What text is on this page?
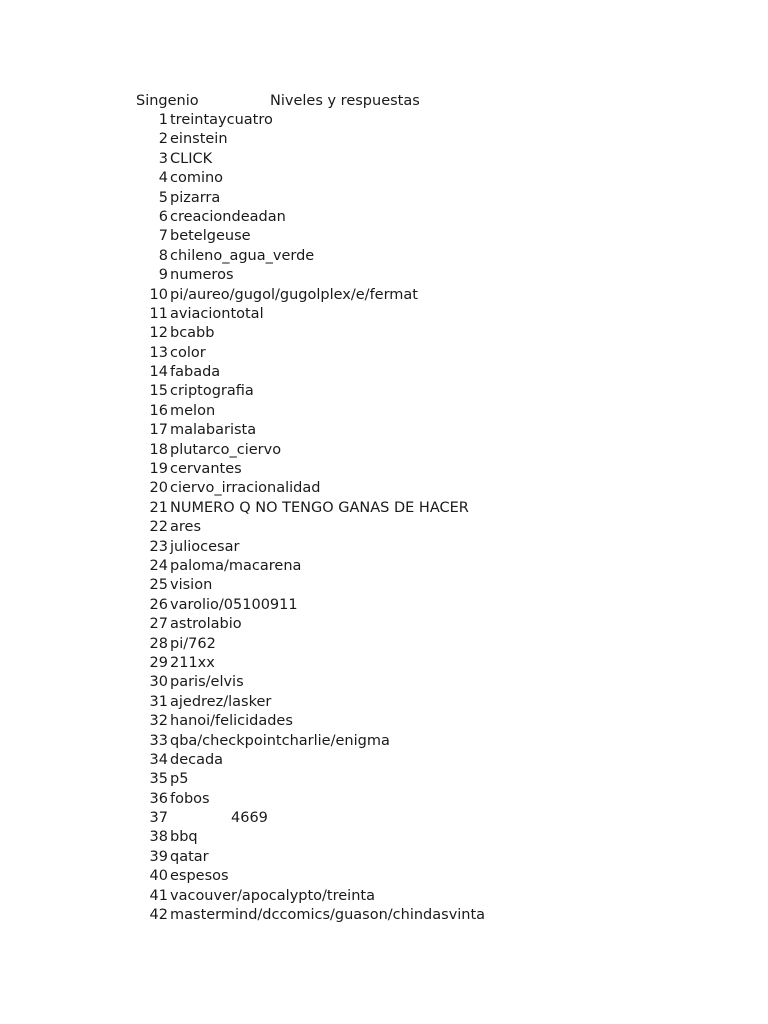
Singenio	Niveles y respuestas
1 treintaycuatro
2 einstein
3 CLICK
4 comino
5 pizarra
6 creaciondeadan
7 betelgeuse
8 chileno_agua_verde
9 numeros
10 pi/aureo/gugol/gugolplex/e/fermat
11 aviaciontotal
12 bcabb
13 color
14 fabada
15 criptografia
16 melon
17 malabarista
18 plutarco_ciervo
19 cervantes
20 ciervo_irracionalidad
21 NUMERO Q NO TENGO GANAS DE HACER
22 ares
23 juliocesar
24 paloma/macarena
25 vision
26 varolio/05100911
27 astrolabio
28 pi/762
29 211xx
30 paris/elvis
31 ajedrez/lasker
32 hanoi/felicidades
33 qba/checkpointcharlie/enigma
34 decada
35 p5
36 fobos
37	4669
38 bbq
39 qatar
40 espesos
41 vacouver/apocalypto/treinta
42 mastermind/dccomics/guason/chindasvinta
